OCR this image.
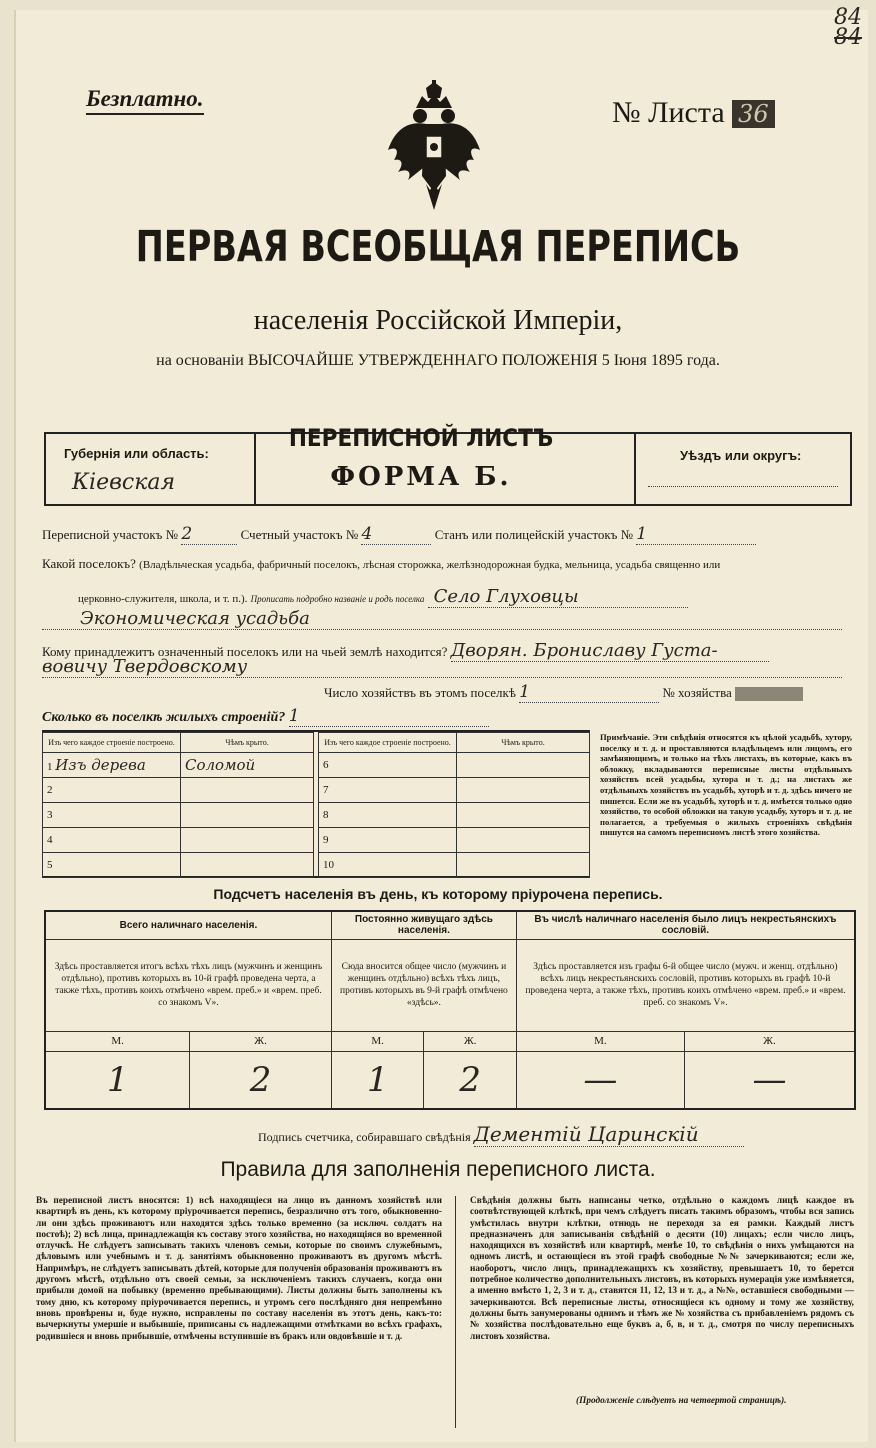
84
84
Безплатно.	№ Листа 36
ПЕРВАЯ ВСЕОБЩАЯ ПЕРЕПИСЬ
населенія Россійской Имперіи,
на основаніи ВЫСОЧАЙШЕ УТВЕРЖДЕННАГО ПОЛОЖЕНІЯ 5 Іюня 1895 года.
Губернія или область:
Кіевская
Уѣздъ или округъ:
ПЕРЕПИСНОЙ ЛИСТЪ
ФОРМА Б.
Переписной участокъ № 2	Счетный участокъ № 4	Станъ или полицейскій участокъ № 1
Какой поселокъ? (Владѣльческая усадьба, фабричный поселокъ, лѣсная сторожка, желѣзнодорожная будка, мельница, усадьба священно или
церковно-служителя, школа, и т. п.). Прописать подробно названіе и родъ поселка Село Глуховцы
Экономическая усадьба
Кому принадлежитъ означенный поселокъ или на чьей землѣ находится? Дворян. Брониславу Густа-
вовичу Твердовскому
Число хозяйствъ въ этомъ поселкѣ 1	№ хозяйства
Сколько въ поселкѣ жилыхъ строеній? 1
Изъ чего каждое строеніе построено.	Чѣмъ крыто.
1 Изъ дерева	Соломой
2	
3	
4	
5	
Изъ чего каждое строеніе построено.	Чѣмъ крыто.
6	
7	
8	
9	
10	
Примѣчаніе. Эти свѣдѣнія относятся къ цѣлой усадьбѣ, хутору, поселку и т. д. и проставляются владѣльцемъ или лицомъ, его замѣняющимъ, и только на тѣхъ листахъ, въ которые, какъ въ обложку, вкладываются переписные листы отдѣльныхъ хозяйствъ всей усадьбы, хутора и т. д.; на листахъ же отдѣльныхъ хозяйствъ въ усадьбѣ, хуторѣ и т. д. здѣсь ничего не пишется. Если же въ усадьбѣ, хуторѣ и т. д. имѣется только одно хозяйство, то особой обложки на такую усадьбу, хуторъ и т. д. не полагается, а требуемыя о жилыхъ строеніяхъ свѣдѣнія пишутся на самомъ переписномъ листѣ этого хозяйства.
Подсчетъ населенія въ день, къ которому пріурочена перепись.
Всего наличнаго населенія.		Постоянно живущаго здѣсь населенія.		Въ числѣ наличнаго населенія было лицъ некрестьянскихъ сословій.	
Здѣсь проставляется итогъ всѣхъ тѣхъ лицъ (мужчинъ и женщинъ отдѣльно), противъ которыхъ въ 10-й графѣ проведена черта, а также тѣхъ, противъ коихъ отмѣчено «врем. преб.» и «врем. преб. со знакомъ V».		Сюда вносится общее число (мужчинъ и женщинъ отдѣльно) всѣхъ тѣхъ лицъ, противъ которыхъ въ 9-й графѣ отмѣчено «здѣсь».		Здѣсь проставляется изъ графы 6-й общее число (мужч. и женщ. отдѣльно) всѣхъ лицъ некрестьянскихъ сословій, противъ которыхъ въ графѣ 10-й проведена черта, а также тѣхъ, противъ коихъ отмѣчено «врем. преб.» и «врем. преб. со знакомъ V».	
М.	Ж.	М.	Ж.	М.	Ж.
1	2	1	2	—	—
Подпись счетчика, собиравшаго свѣдѣнія Дементій Царинскій
Правила для заполненія переписного листа.
Въ переписной листъ вносятся: 1) всѣ находящіеся на лицо въ данномъ хозяйствѣ или квартирѣ въ день, къ которому пріурочивается перепись, безразлично отъ того, обыкновенно-ли они здѣсь проживаютъ или находятся здѣсь только временно (за исключ. солдатъ на постоѣ); 2) всѣ лица, принадлежащія къ составу этого хозяйства, но находящіяся во временной отлучкѣ. Не слѣдуетъ записывать такихъ членовъ семьи, которые по своимъ служебнымъ, дѣловымъ или учебнымъ и т. д. занятіямъ обыкновенно проживаютъ въ другомъ мѣстѣ. Напримѣръ, не слѣдуетъ записывать дѣтей, которые для полученія образованія проживаютъ въ другомъ мѣстѣ, отдѣльно отъ своей семьи, за исключеніемъ такихъ случаевъ, когда они прибыли домой на побывку (временно пребывающими). Листы должны быть заполнены къ тому дню, къ которому пріурочивается перепись, и утромъ сего послѣдняго дня непремѣнно вновь провѣрены и, буде нужно, исправлены по составу населенія въ этотъ день, какъ-то: вычеркнуты умершіе и выбывшіе, приписаны съ надлежащими отмѣтками во всѣхъ графахъ, родившіеся и вновь прибывшіе, отмѣчены вступившіе въ бракъ или овдовѣвшіе и т. д.
Свѣдѣнія должны быть написаны четко, отдѣльно о каждомъ лицѣ каждое въ соотвѣтствующей клѣткѣ, при чемъ слѣдуетъ писать такимъ образомъ, чтобы вся запись умѣстилась внутри клѣтки, отнюдь не переходя за ея рамки. Каждый листъ предназначенъ для записыванія свѣдѣній о десяти (10) лицахъ; если число лицъ, находящихся въ хозяйствѣ или квартирѣ, менѣе 10, то свѣдѣнія о нихъ умѣщаются на одномъ листѣ, и остающіеся въ этой графѣ свободные №№ зачеркиваются; если же, наоборотъ, число лицъ, принадлежащихъ къ хозяйству, превышаетъ 10, то берется потребное количество дополнительныхъ листовъ, въ которыхъ нумерація уже измѣняется, а именно вмѣсто 1, 2, 3 и т. д., ставятся 11, 12, 13 и т. д., а №№, оставшіеся свободными — зачеркиваются. Всѣ переписные листы, относящіеся къ одному и тому же хозяйству, должны быть занумерованы однимъ и тѣмъ же № хозяйства съ прибавленіемъ рядомъ съ № хозяйства послѣдовательно еще буквъ а, б, в, и т. д., смотря по числу переписныхъ листовъ хозяйства.
(Продолженіе слѣдуетъ на четвертой страницѣ).
